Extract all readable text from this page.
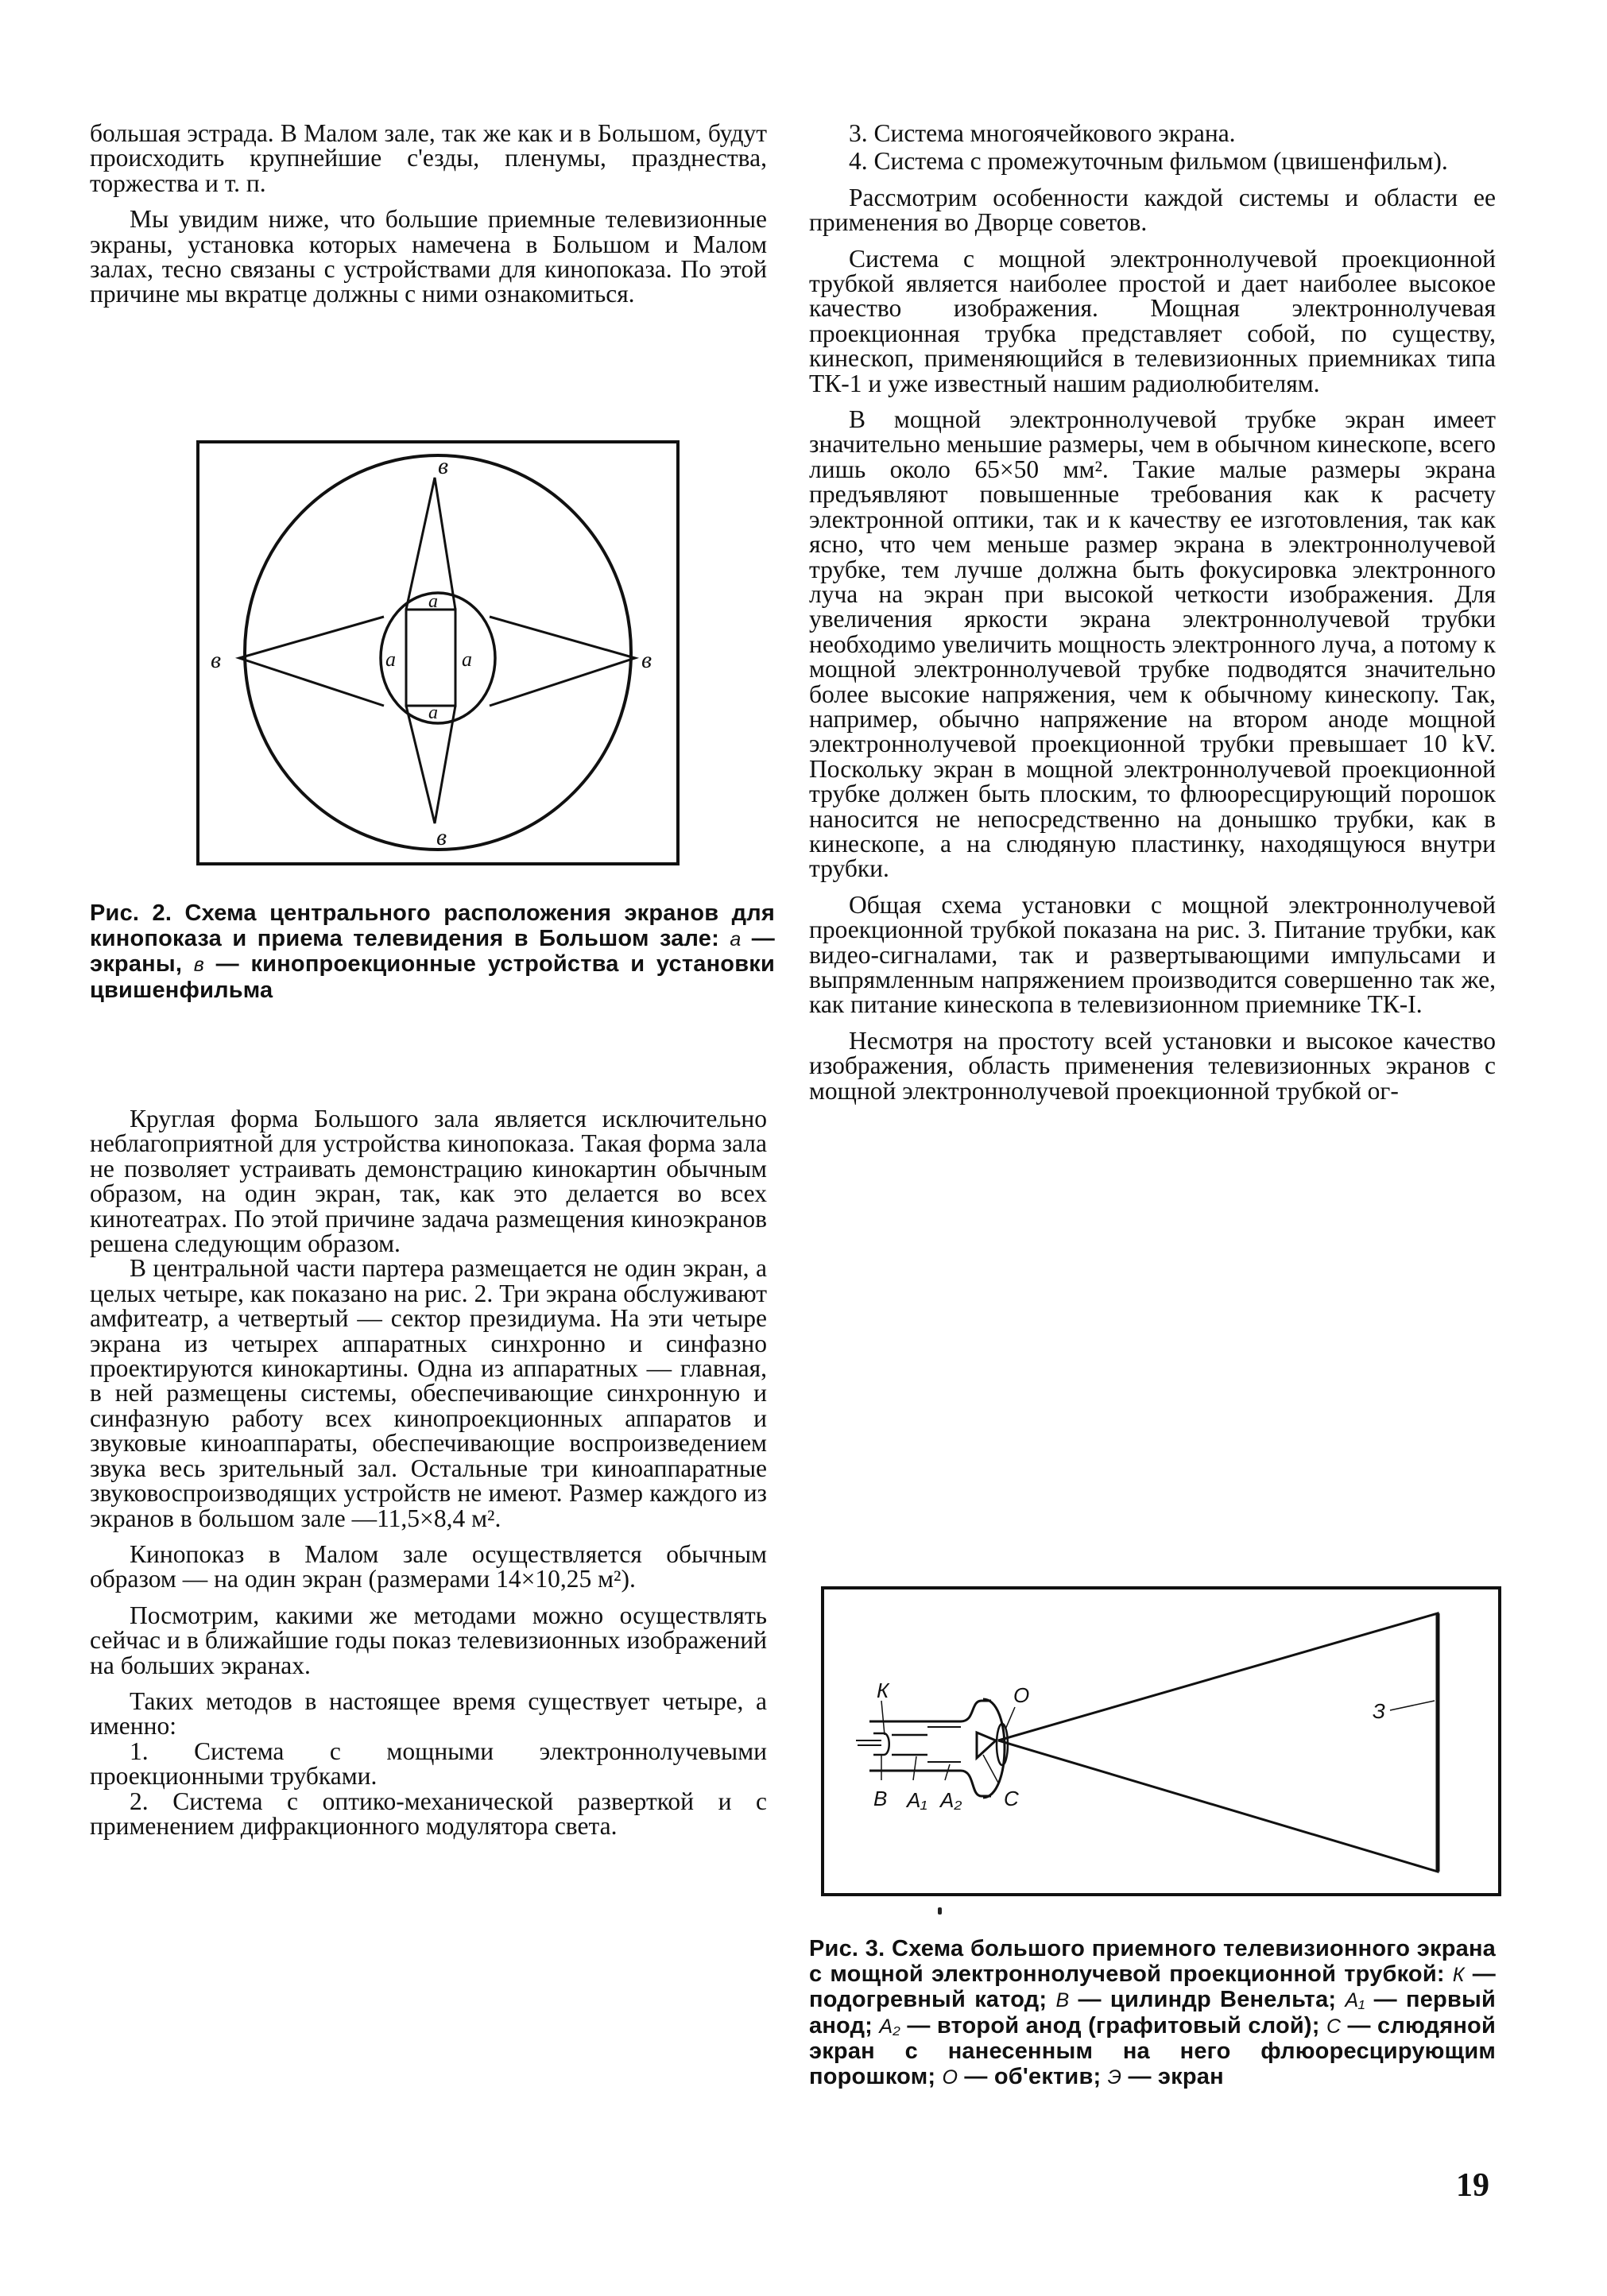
большая эстрада. В Малом зале, так же как и в Большом, будут происходить крупнейшие с'езды, пленумы, празднества, торжества и т. п.

Мы увидим ниже, что большие приемные телевизионные экраны, установка которых намечена в Большом и Малом залах, тесно связаны с устройствами для кинопоказа. По этой причине мы вкратце должны с ними ознакомиться.

в
а
а	а
а
в	в
в
Рис. 2. Схема центрального расположения экранов для кинопоказа и приема телевидения в Большом зале: а — экраны, в — кинопроекционные устройства и установки цвишенфильма

Круглая форма Большого зала является исключительно неблагоприятной для устройства кинопоказа. Такая форма зала не позволяет устраивать демонстрацию кинокартин обычным образом, на один экран, так, как это делается во всех кинотеатрах. По этой причине задача размещения киноэкранов решена следующим образом.

В центральной части партера размещается не один экран, а целых четыре, как показано на рис. 2. Три экрана обслуживают амфитеатр, а четвертый — сектор президиума. На эти четыре экрана из четырех аппаратных синхронно и синфазно проектируются кинокартины. Одна из аппаратных — главная, в ней размещены системы, обеспечивающие синхронную и синфазную работу всех кинопроекционных аппаратов и звуковые киноаппараты, обеспечивающие воспроизведением звука весь зрительный зал. Остальные три киноаппаратные звуковоспроизводящих устройств не имеют. Размер каждого из экранов в большом зале —11,5×8,4 м².

Кинопоказ в Малом зале осуществляется обычным образом — на один экран (размерами 14×10,25 м²).

Посмотрим, какими же методами можно осуществлять сейчас и в ближайшие годы показ телевизионных изображений на больших экранах.

Таких методов в настоящее время существует четыре, а именно:

1. Система с мощными электроннолучевыми проекционными трубками.

2. Система с оптико-механической разверткой и с применением дифракционного модулятора света.

3. Система многоячейкового экрана.

4. Система с промежуточным фильмом (цвишенфильм).

Рассмотрим особенности каждой системы и области ее применения во Дворце советов.

Система с мощной электроннолучевой проекционной трубкой является наиболее простой и дает наиболее высокое качество изображения. Мощная электроннолучевая проекционная трубка представляет собой, по существу, кинескоп, применяющийся в телевизионных приемниках типа ТК-1 и уже известный нашим радиолюбителям.

В мощной электроннолучевой трубке экран имеет значительно меньшие размеры, чем в обычном кинескопе, всего лишь около 65×50 мм². Такие малые размеры экрана предъявляют повышенные требования как к расчету электронной оптики, так и к качеству ее изготовления, так как ясно, что чем меньше размер экрана в электроннолучевой трубке, тем лучше должна быть фокусировка электронного луча на экран при высокой четкости изображения. Для увеличения яркости экрана электроннолучевой трубки необходимо увеличить мощность электронного луча, а потому к мощной электроннолучевой трубке подводятся значительно более высокие напряжения, чем к обычному кинескопу. Так, например, обычно напряжение на втором аноде мощной электроннолучевой проекционной трубки превышает 10 kV. Поскольку экран в мощной электроннолучевой проекционной трубке должен быть плоским, то флюоресцирующий порошок наносится не непосредственно на донышко трубки, как в кинескопе, а на слюдяную пластинку, находящуюся внутри трубки.

Общая схема установки с мощной электроннолучевой проекционной трубкой показана на рис. 3. Питание трубки, как видео-сигналами, так и развертывающими импульсами и выпрямленным напряжением производится совершенно так же, как питание кинескопа в телевизионном приемнике ТК-I.

Несмотря на простоту всей установки и высокое качество изображения, область применения телевизионных экранов с мощной электроннолучевой проекционной трубкой ог-

К
В А₁ А₂ С
О
З
Рис. 3. Схема большого приемного телевизионного экрана с мощной электроннолучевой проекционной трубкой: К — подогревный катод; В — цилиндр Венельта; А₁ — первый анод; А₂ — второй анод (графитовый слой); С — слюдяной экран с нанесенным на него флюоресцирующим порошком; О — об'ектив; Э — экран
19
